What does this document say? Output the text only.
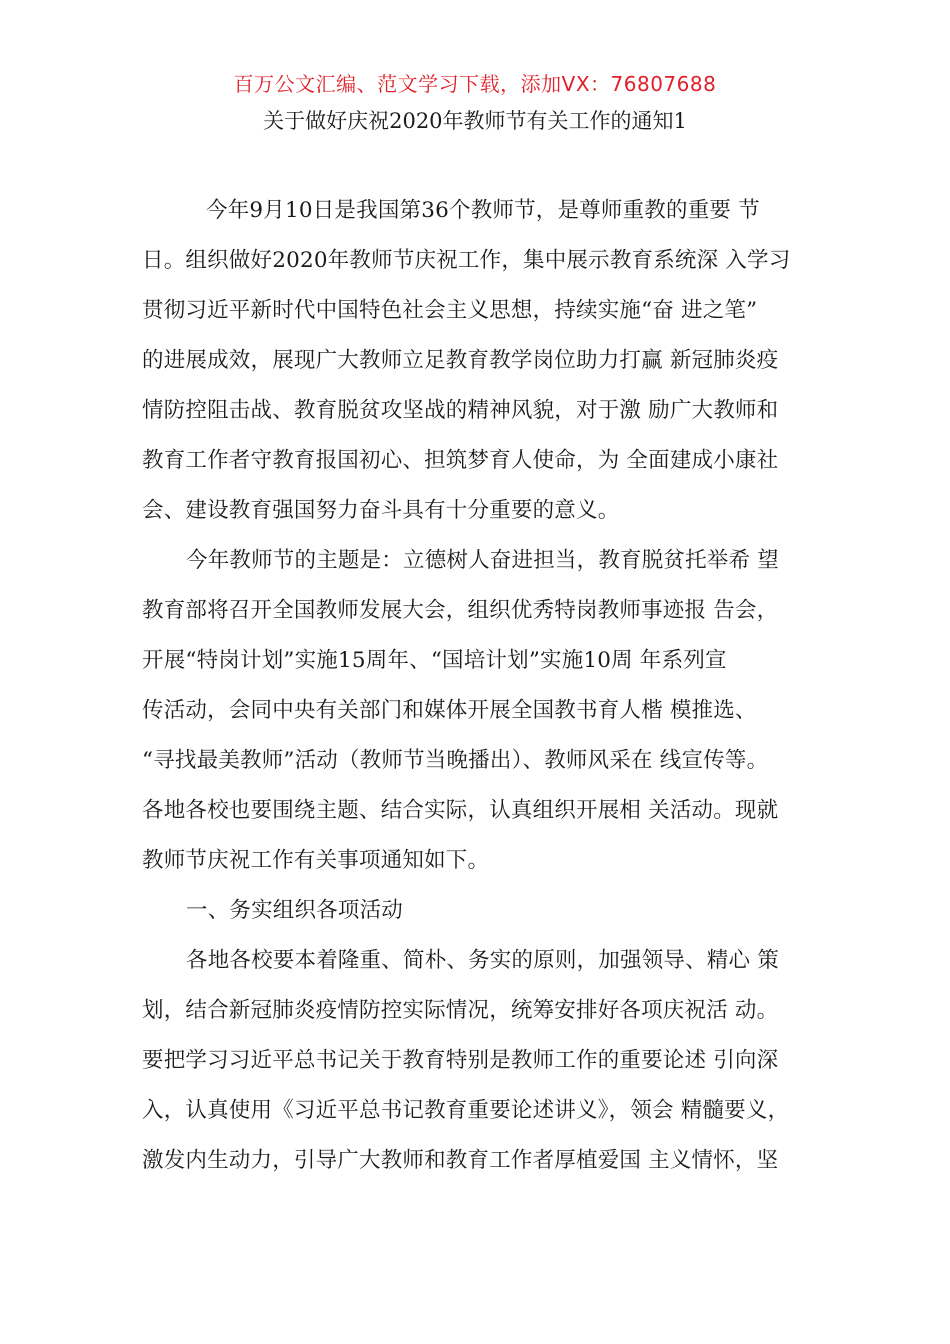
百万公文汇编、范文学习下载，添加VX：76807688
关于做好庆祝2020年教师节有关工作的通知1
今年9月10日是我国第36个教师节，是尊师重教的重要 节
日。组织做好2020年教师节庆祝工作，集中展示教育系统深 入学习
贯彻习近平新时代中国特色社会主义思想，持续实施“奋 进之笔”
的进展成效，展现广大教师立足教育教学岗位助力打赢 新冠肺炎疫
情防控阻击战、教育脱贫攻坚战的精神风貌，对于激 励广大教师和
教育工作者守教育报国初心、担筑梦育人使命，为 全面建成小康社
会、建设教育强国努力奋斗具有十分重要的意义。
今年教师节的主题是：立德树人奋进担当，教育脱贫托举希 望
教育部将召开全国教师发展大会，组织优秀特岗教师事迹报 告会，
开展“特岗计划”实施15周年、“国培计划”实施10周 年系列宣
传活动，会同中央有关部门和媒体开展全国教书育人楷 模推选、
“寻找最美教师”活动（教师节当晚播出）、教师风采在 线宣传等。
各地各校也要围绕主题、结合实际，认真组织开展相 关活动。现就
教师节庆祝工作有关事项通知如下。
一、务实组织各项活动
各地各校要本着隆重、简朴、务实的原则，加强领导、精心 策
划，结合新冠肺炎疫情防控实际情况，统筹安排好各项庆祝活 动。
要把学习习近平总书记关于教育特别是教师工作的重要论述 引向深
入，认真使用《习近平总书记教育重要论述讲义》，领会 精髓要义，
激发内生动力，引导广大教师和教育工作者厚植爱国 主义情怀，坚
